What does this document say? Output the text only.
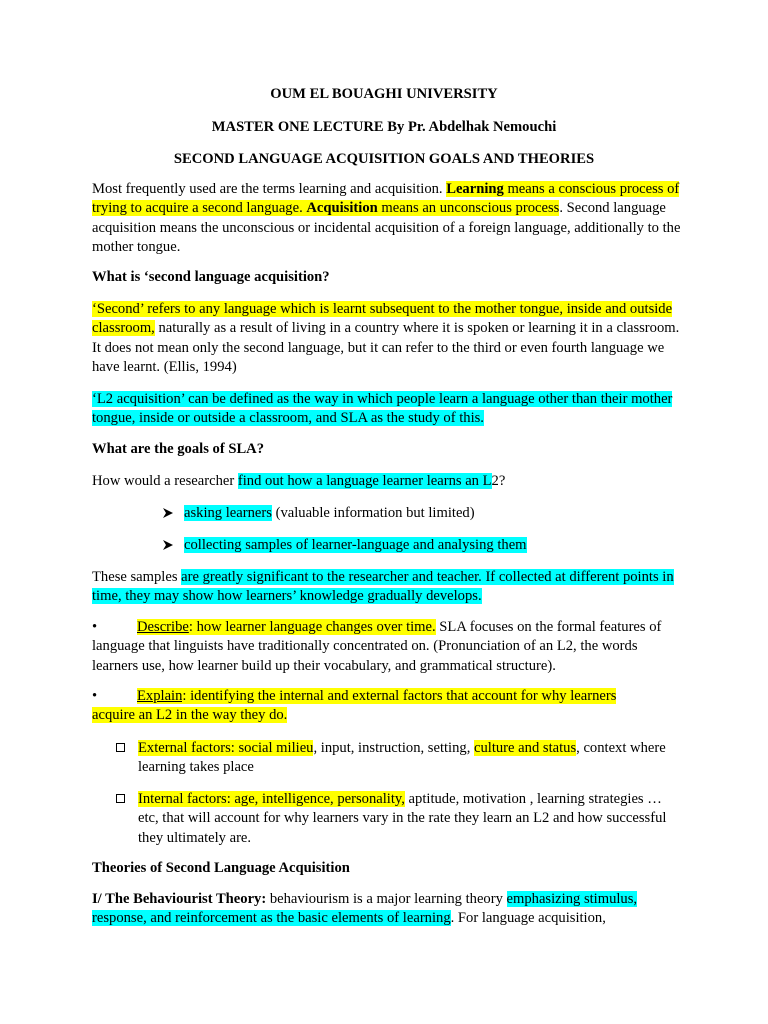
OUM EL BOUAGHI UNIVERSITY
MASTER ONE LECTURE By Pr. Abdelhak Nemouchi
SECOND LANGUAGE ACQUISITION GOALS AND THEORIES

Most frequently used are the terms learning and acquisition. Learning means a conscious process of trying to acquire a second language. Acquisition means an unconscious process. Second language acquisition means the unconscious or incidental acquisition of a foreign language, additionally to the mother tongue.

What is ‘second language acquisition?

‘Second’ refers to any language which is learnt subsequent to the mother tongue, inside and outside classroom, naturally as a result of living in a country where it is spoken or learning it in a classroom. It does not mean only the second language, but it can refer to the third or even fourth language we have learnt. (Ellis, 1994)

‘L2 acquisition’ can be defined as the way in which people learn a language other than their mother tongue, inside or outside a classroom, and SLA as the study of this.

What are the goals of SLA?

How would a researcher find out how a language learner learns an L2?

asking learners (valuable information but limited)
collecting samples of learner-language and analysing them

These samples are greatly significant to the researcher and teacher. If collected at different points in time, they may show how learners’ knowledge gradually develops.

•	Describe: how learner language changes over time. SLA focuses on the formal features of language that linguists have traditionally concentrated on. (Pronunciation of an L2, the words learners use, how learner build up their vocabulary, and grammatical structure).
•	Explain: identifying the internal and external factors that account for why learners acquire an L2 in the way they do.
External factors: social milieu, input, instruction, setting, culture and status, context where learning takes place
Internal factors: age, intelligence, personality, aptitude, motivation , learning strategies …etc, that will account for why learners vary in the rate they learn an L2 and how successful they ultimately are.

Theories of Second Language Acquisition

I/ The Behaviourist Theory: behaviourism is a major learning theory emphasizing stimulus, response, and reinforcement as the basic elements of learning. For language acquisition,
